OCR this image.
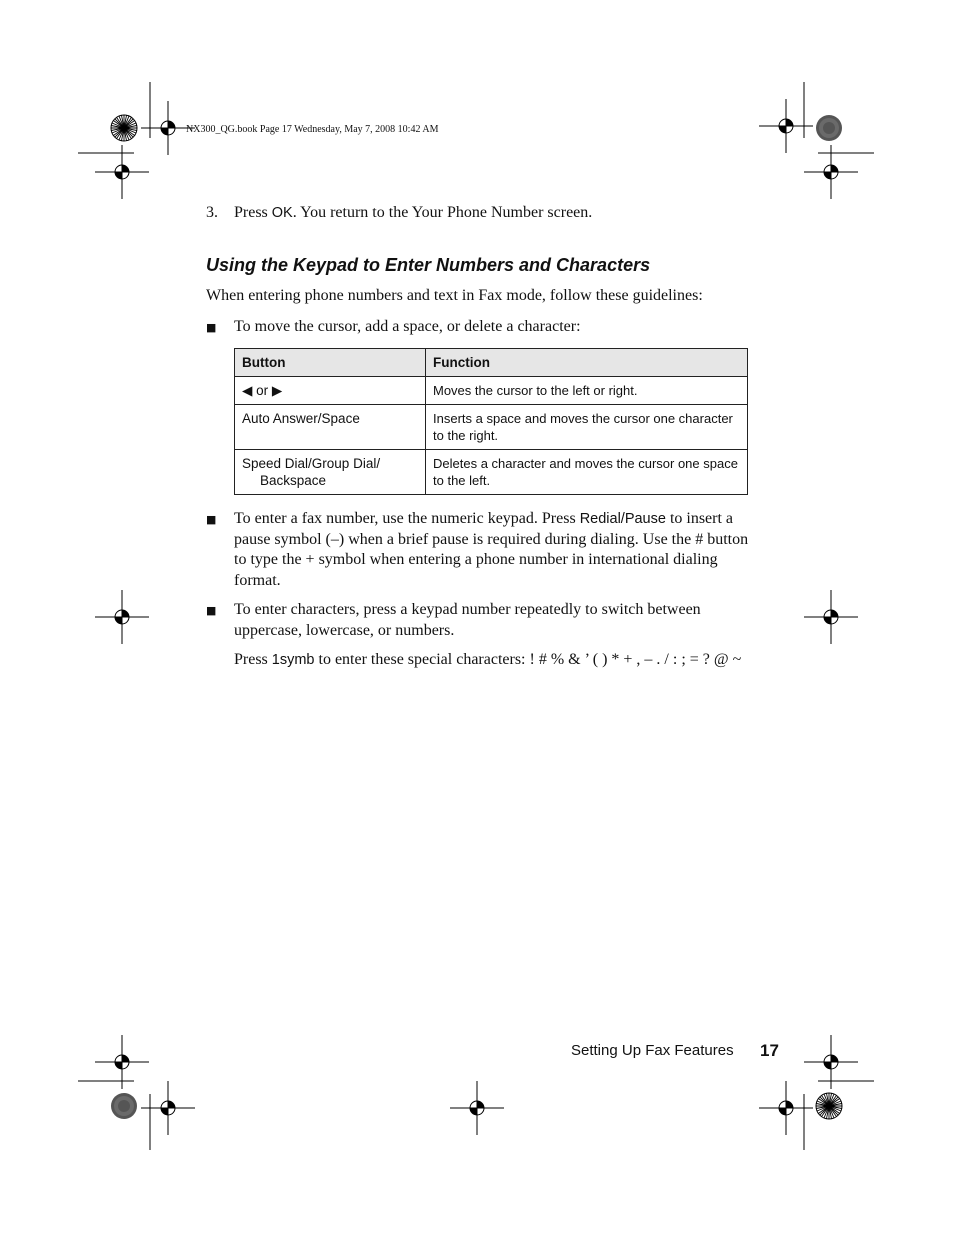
NX300_QG.book Page 17 Wednesday, May 7, 2008 10:42 AM
3. Press OK. You return to the Your Phone Number screen.
Using the Keypad to Enter Numbers and Characters
When entering phone numbers and text in Fax mode, follow these guidelines:
■ To move the cursor, add a space, or delete a character:
Button	Function
◀ or ▶	Moves the cursor to the left or right.
Auto Answer/Space	Inserts a space and moves the cursor one character to the right.
Speed Dial/Group Dial/
Backspace	Deletes a character and moves the cursor one space to the left.
■ To enter a fax number, use the numeric keypad. Press Redial/Pause to insert a pause symbol (–) when a brief pause is required during dialing. Use the # button to type the + symbol when entering a phone number in international dialing format.
■ To enter characters, press a keypad number repeatedly to switch between uppercase, lowercase, or numbers.
Press 1symb to enter these special characters: ! # % & ’ ( ) * + , – . / : ; = ? @ ~
Setting Up Fax Features 17
